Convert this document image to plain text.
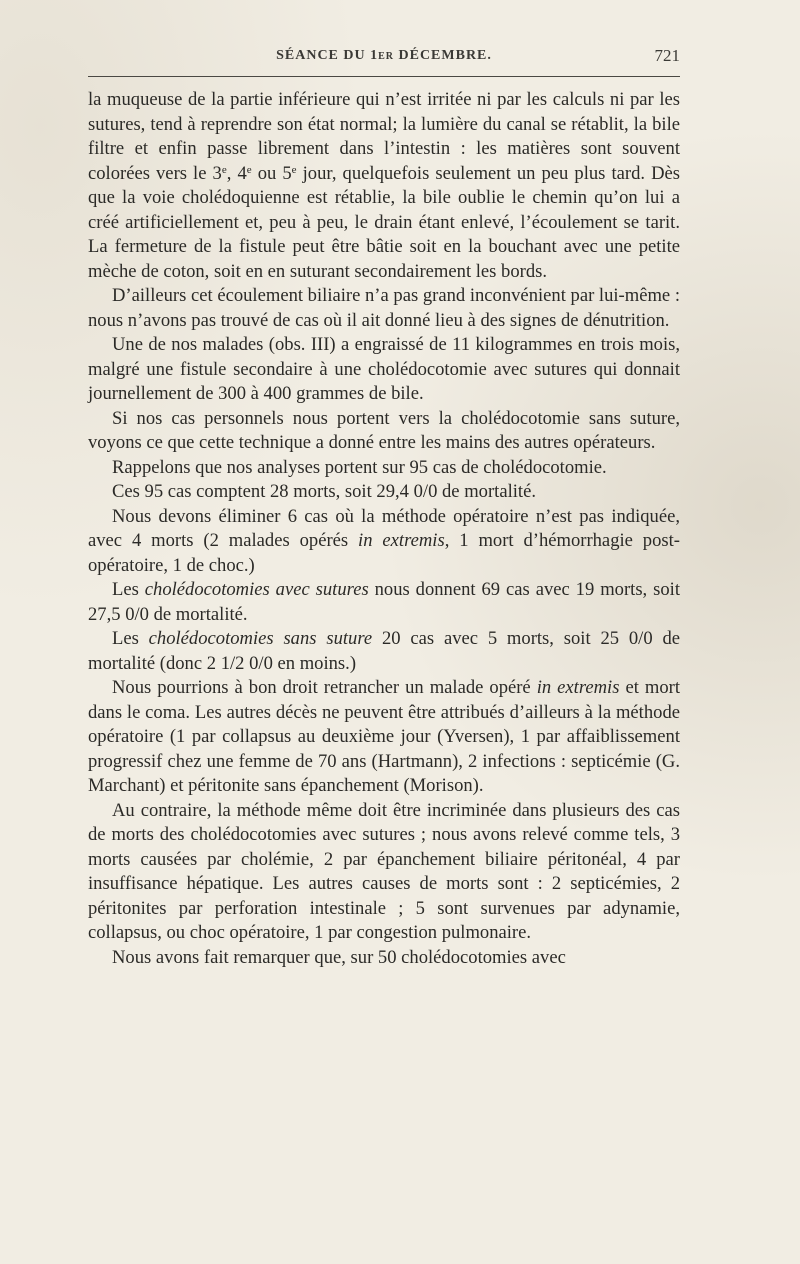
SÉANCE DU 1er DÉCEMBRE.	721

la muqueuse de la partie inférieure qui n’est irritée ni par les calculs ni par les sutures, tend à reprendre son état normal; la lumière du canal se rétablit, la bile filtre et enfin passe librement dans l’intestin : les matières sont souvent colorées vers le 3e, 4e ou 5e jour, quelquefois seulement un peu plus tard. Dès que la voie cholédoquienne est rétablie, la bile oublie le chemin qu’on lui a créé artificiellement et, peu à peu, le drain étant enlevé, l’écoulement se tarit. La fermeture de la fistule peut être bâtie soit en la bouchant avec une petite mèche de coton, soit en en suturant secondairement les bords.

D’ailleurs cet écoulement biliaire n’a pas grand inconvénient par lui-même : nous n’avons pas trouvé de cas où il ait donné lieu à des signes de dénutrition.

Une de nos malades (obs. III) a engraissé de 11 kilogrammes en trois mois, malgré une fistule secondaire à une cholédocotomie avec sutures qui donnait journellement de 300 à 400 grammes de bile.

Si nos cas personnels nous portent vers la cholédocotomie sans suture, voyons ce que cette technique a donné entre les mains des autres opérateurs.

Rappelons que nos analyses portent sur 95 cas de cholédocotomie.

Ces 95 cas comptent 28 morts, soit 29,4 0/0 de mortalité.

Nous devons éliminer 6 cas où la méthode opératoire n’est pas indiquée, avec 4 morts (2 malades opérés in extremis, 1 mort d’hémorrhagie post-opératoire, 1 de choc.)

Les cholédocotomies avec sutures nous donnent 69 cas avec 19 morts, soit 27,5 0/0 de mortalité.

Les cholédocotomies sans suture 20 cas avec 5 morts, soit 25 0/0 de mortalité (donc 2 1/2 0/0 en moins.)

Nous pourrions à bon droit retrancher un malade opéré in extremis et mort dans le coma. Les autres décès ne peuvent être attribués d’ailleurs à la méthode opératoire (1 par collapsus au deuxième jour (Yversen), 1 par affaiblissement progressif chez une femme de 70 ans (Hartmann), 2 infections : septicémie (G. Marchant) et péritonite sans épanchement (Morison).

Au contraire, la méthode même doit être incriminée dans plusieurs des cas de morts des cholédocotomies avec sutures ; nous avons relevé comme tels, 3 morts causées par cholémie, 2 par épanchement biliaire péritonéal, 4 par insuffisance hépatique. Les autres causes de morts sont : 2 septicémies, 2 péritonites par perforation intestinale ; 5 sont survenues par adynamie, collapsus, ou choc opératoire, 1 par congestion pulmonaire.

Nous avons fait remarquer que, sur 50 cholédocotomies avec
